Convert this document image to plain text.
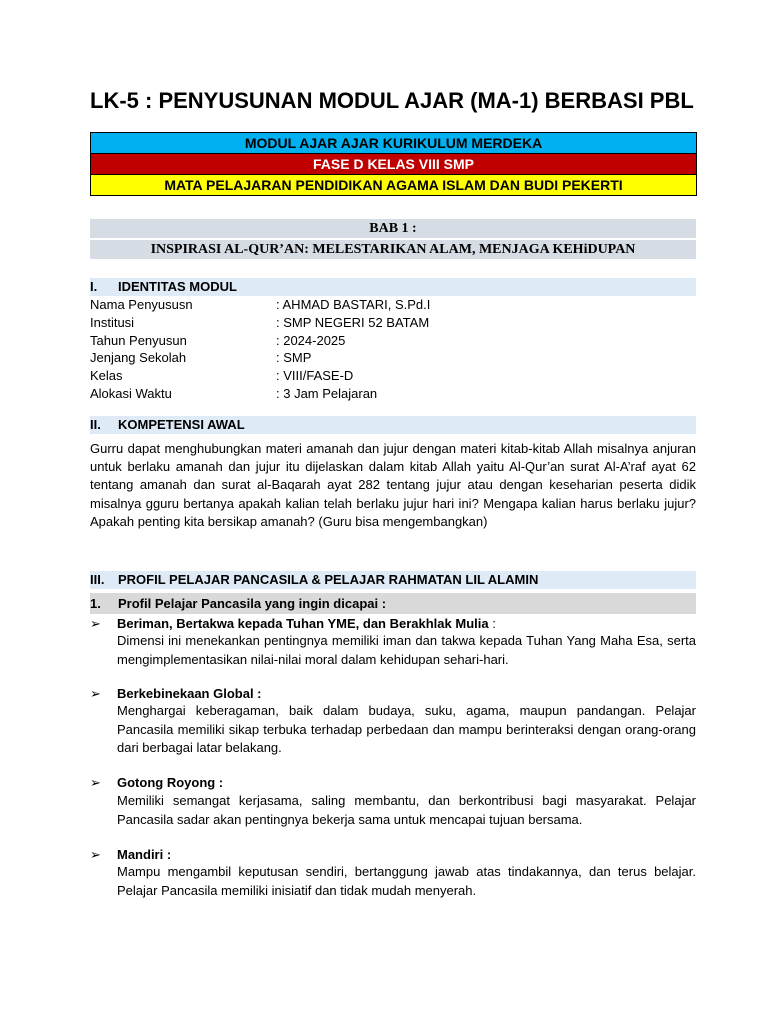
LK-5 : PENYUSUNAN MODUL AJAR (MA-1) BERBASI PBL
MODUL AJAR AJAR KURIKULUM MERDEKA
FASE D KELAS VIII SMP
MATA PELAJARAN PENDIDIKAN AGAMA ISLAM DAN BUDI PEKERTI
BAB 1 :
INSPIRASI AL-QUR’AN: MELESTARIKAN ALAM, MENJAGA KEHiDUPAN
I. IDENTITAS MODUL
Nama Penyususn	: AHMAD BASTARI, S.Pd.I
Institusi	: SMP NEGERI 52 BATAM
Tahun Penyusun	: 2024-2025
Jenjang Sekolah	: SMP
Kelas	: VIII/FASE-D
Alokasi Waktu	: 3 Jam Pelajaran
II. KOMPETENSI AWAL
Gurru dapat menghubungkan materi amanah dan jujur dengan materi kitab-kitab Allah misalnya anjuran untuk berlaku amanah dan jujur itu dijelaskan dalam kitab Allah yaitu Al-Qur’an surat Al-A’raf ayat 62 tentang amanah dan surat al-Baqarah ayat 282 tentang jujur atau dengan keseharian peserta didik misalnya gguru bertanya apakah kalian telah berlaku jujur hari ini? Mengapa kalian harus berlaku jujur? Apakah penting kita bersikap amanah? (Guru bisa mengembangkan)
III. PROFIL PELAJAR PANCASILA & PELAJAR RAHMATAN LIL ALAMIN
1. Profil Pelajar Pancasila yang ingin dicapai :
➢ Beriman, Bertakwa kepada Tuhan YME, dan Berakhlak Mulia :
Dimensi ini menekankan pentingnya memiliki iman dan takwa kepada Tuhan Yang Maha Esa, serta mengimplementasikan nilai-nilai moral dalam kehidupan sehari-hari.
➢ Berkebinekaan Global :
Menghargai keberagaman, baik dalam budaya, suku, agama, maupun pandangan. Pelajar Pancasila memiliki sikap terbuka terhadap perbedaan dan mampu berinteraksi dengan orang-orang dari berbagai latar belakang.
➢ Gotong Royong :
Memiliki semangat kerjasama, saling membantu, dan berkontribusi bagi masyarakat. Pelajar Pancasila sadar akan pentingnya bekerja sama untuk mencapai tujuan bersama.
➢ Mandiri :
Mampu mengambil keputusan sendiri, bertanggung jawab atas tindakannya, dan terus belajar. Pelajar Pancasila memiliki inisiatif dan tidak mudah menyerah.
